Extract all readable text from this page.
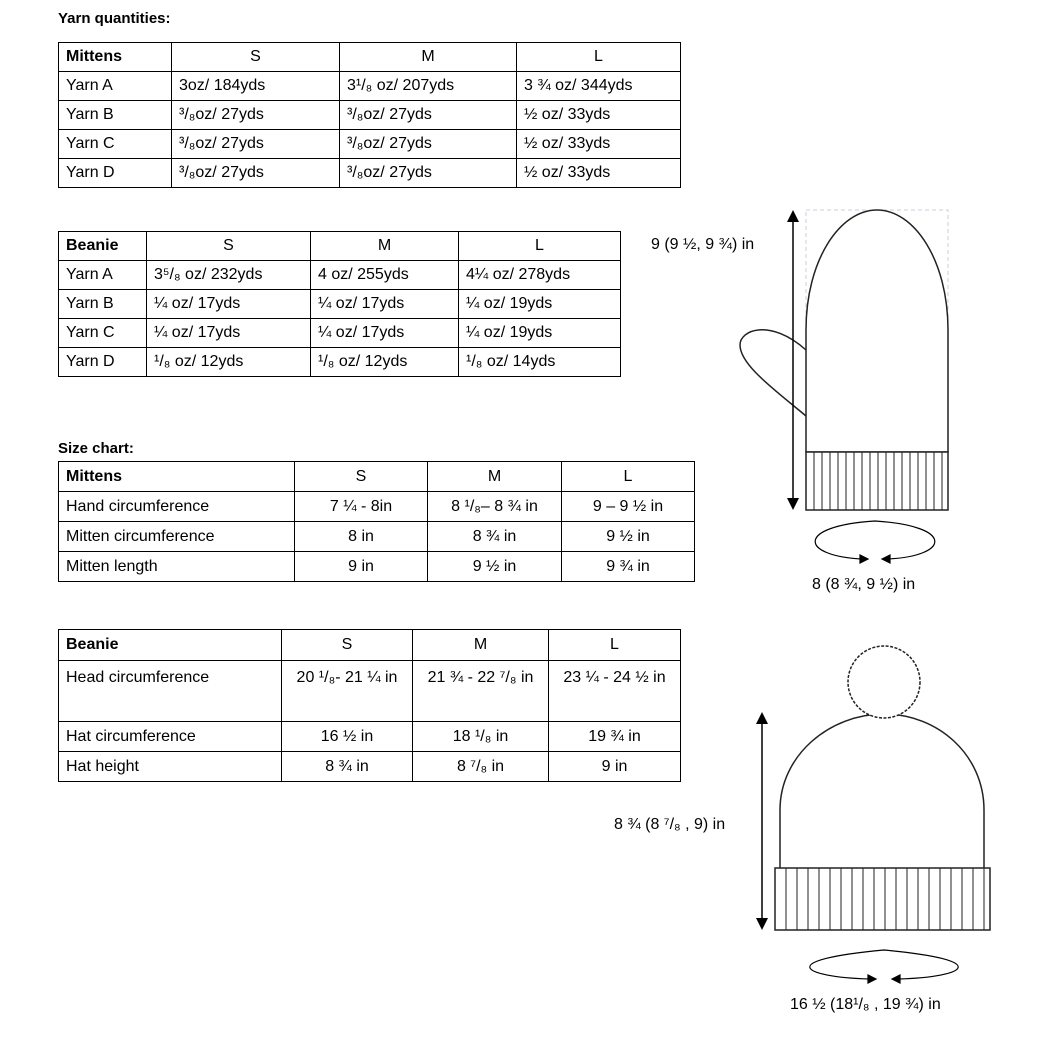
Yarn quantities:
Mittens	S	M	L
Yarn A	3oz/ 184yds	3¹/₈ oz/ 207yds	3 ¾ oz/ 344yds
Yarn B	³/₈oz/ 27yds	³/₈oz/ 27yds	½ oz/ 33yds
Yarn C	³/₈oz/ 27yds	³/₈oz/ 27yds	½ oz/ 33yds
Yarn D	³/₈oz/ 27yds	³/₈oz/ 27yds	½ oz/ 33yds
Beanie	S	M	L
Yarn A	3⁵/₈ oz/ 232yds	4 oz/ 255yds	4¼ oz/ 278yds
Yarn B	¼ oz/ 17yds	¼ oz/ 17yds	¼ oz/ 19yds
Yarn C	¼ oz/ 17yds	¼ oz/ 17yds	¼ oz/ 19yds
Yarn D	¹/₈ oz/ 12yds	¹/₈ oz/ 12yds	¹/₈ oz/ 14yds
Size chart:
Mittens	S	M	L
Hand circumference	7 ¼ - 8in	8 ¹/₈– 8 ¾ in	9 – 9 ½ in
Mitten circumference	8 in	8 ¾ in	9 ½ in
Mitten length	9 in	9 ½ in	9 ¾ in
Beanie	S	M	L
Head circumference	20 ¹/₈- 21 ¼ in	21 ¾ - 22 ⁷/₈ in	23 ¼ - 24 ½ in
Hat circumference	16 ½ in	18 ¹/₈ in	19 ¾ in
Hat height	8 ¾ in	8 ⁷/₈ in	9 in
9 (9 ½, 9 ¾) in
8 (8 ¾, 9 ½) in
8 ¾ (8 ⁷/₈ , 9) in
16 ½ (18¹/₈ , 19 ¾) in
